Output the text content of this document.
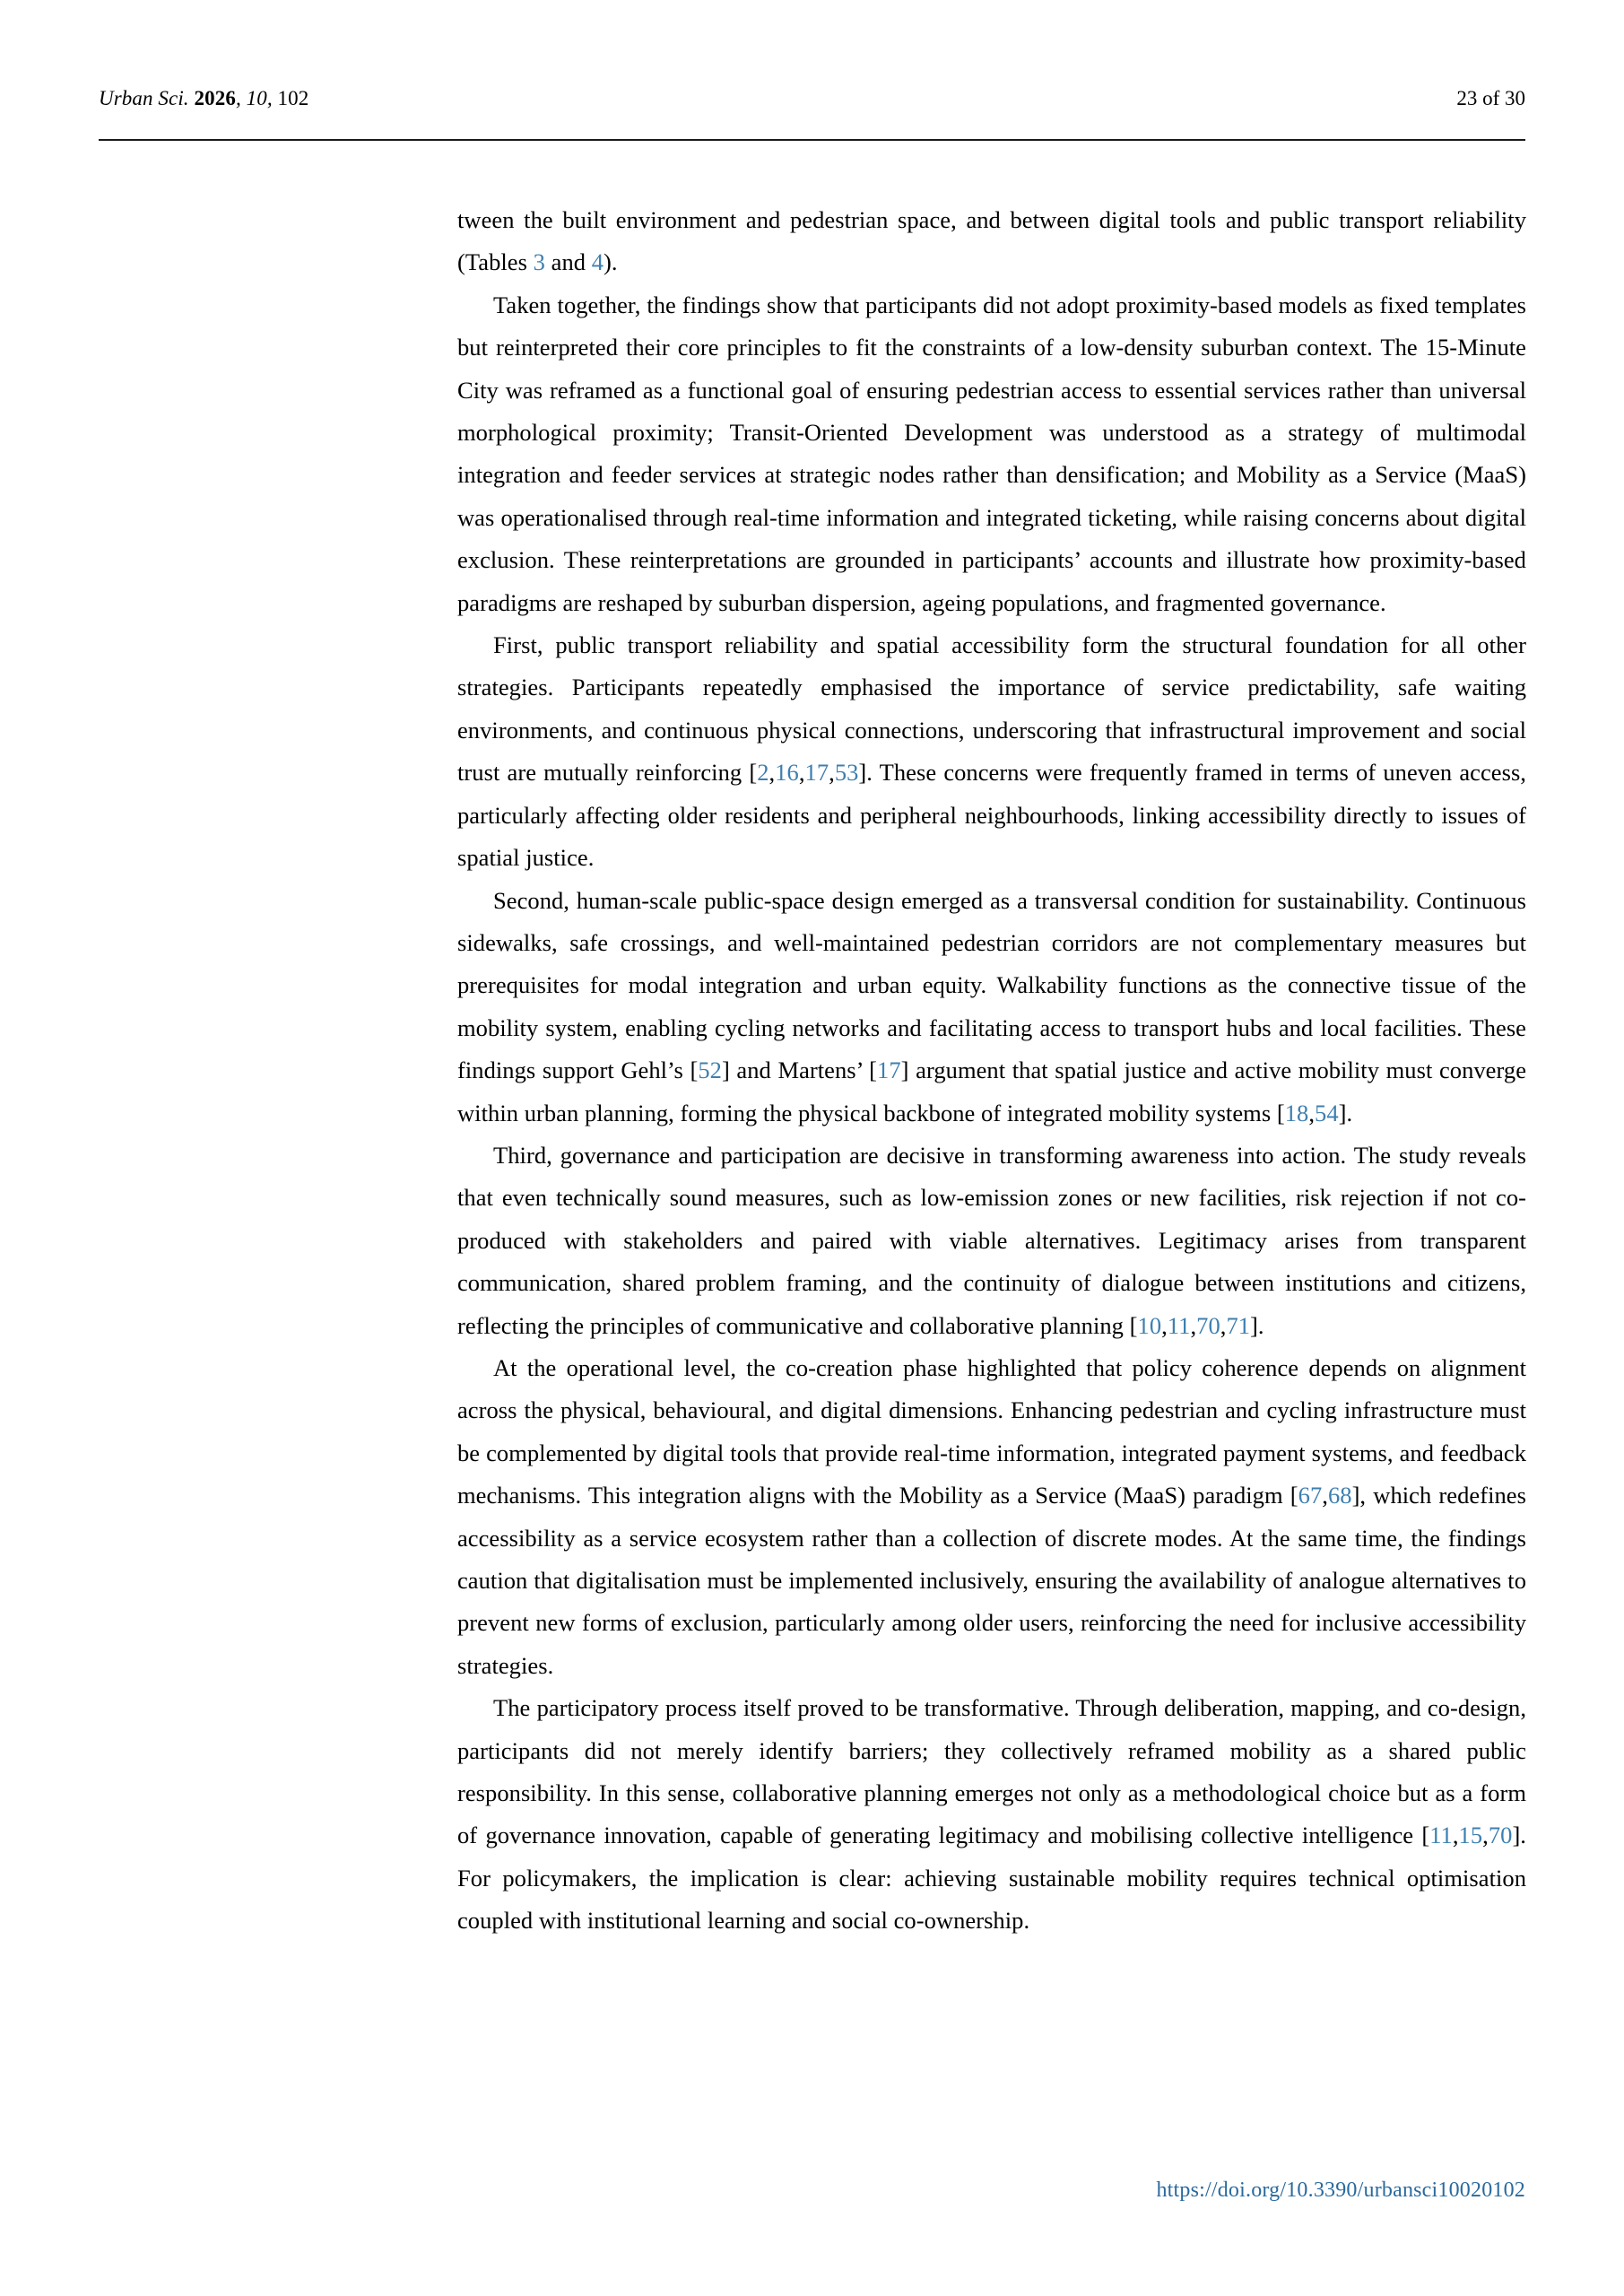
Urban Sci. 2026, 10, 102	23 of 30

tween the built environment and pedestrian space, and between digital tools and public transport reliability (Tables 3 and 4).

Taken together, the findings show that participants did not adopt proximity-based models as fixed templates but reinterpreted their core principles to fit the constraints of a low-density suburban context. The 15-Minute City was reframed as a functional goal of ensuring pedestrian access to essential services rather than universal morphological proximity; Transit-Oriented Development was understood as a strategy of multimodal integration and feeder services at strategic nodes rather than densification; and Mobility as a Service (MaaS) was operationalised through real-time information and integrated ticketing, while raising concerns about digital exclusion. These reinterpretations are grounded in participants’ accounts and illustrate how proximity-based paradigms are reshaped by suburban dispersion, ageing populations, and fragmented governance.

First, public transport reliability and spatial accessibility form the structural foundation for all other strategies. Participants repeatedly emphasised the importance of service predictability, safe waiting environments, and continuous physical connections, underscoring that infrastructural improvement and social trust are mutually reinforcing [2,16,17,53]. These concerns were frequently framed in terms of uneven access, particularly affecting older residents and peripheral neighbourhoods, linking accessibility directly to issues of spatial justice.

Second, human-scale public-space design emerged as a transversal condition for sustainability. Continuous sidewalks, safe crossings, and well-maintained pedestrian corridors are not complementary measures but prerequisites for modal integration and urban equity. Walkability functions as the connective tissue of the mobility system, enabling cycling networks and facilitating access to transport hubs and local facilities. These findings support Gehl’s [52] and Martens’ [17] argument that spatial justice and active mobility must converge within urban planning, forming the physical backbone of integrated mobility systems [18,54].

Third, governance and participation are decisive in transforming awareness into action. The study reveals that even technically sound measures, such as low-emission zones or new facilities, risk rejection if not co-produced with stakeholders and paired with viable alternatives. Legitimacy arises from transparent communication, shared problem framing, and the continuity of dialogue between institutions and citizens, reflecting the principles of communicative and collaborative planning [10,11,70,71].

At the operational level, the co-creation phase highlighted that policy coherence depends on alignment across the physical, behavioural, and digital dimensions. Enhancing pedestrian and cycling infrastructure must be complemented by digital tools that provide real-time information, integrated payment systems, and feedback mechanisms. This integration aligns with the Mobility as a Service (MaaS) paradigm [67,68], which redefines accessibility as a service ecosystem rather than a collection of discrete modes. At the same time, the findings caution that digitalisation must be implemented inclusively, ensuring the availability of analogue alternatives to prevent new forms of exclusion, particularly among older users, reinforcing the need for inclusive accessibility strategies.

The participatory process itself proved to be transformative. Through deliberation, mapping, and co-design, participants did not merely identify barriers; they collectively reframed mobility as a shared public responsibility. In this sense, collaborative planning emerges not only as a methodological choice but as a form of governance innovation, capable of generating legitimacy and mobilising collective intelligence [11,15,70]. For policymakers, the implication is clear: achieving sustainable mobility requires technical optimisation coupled with institutional learning and social co-ownership.

https://doi.org/10.3390/urbansci10020102
